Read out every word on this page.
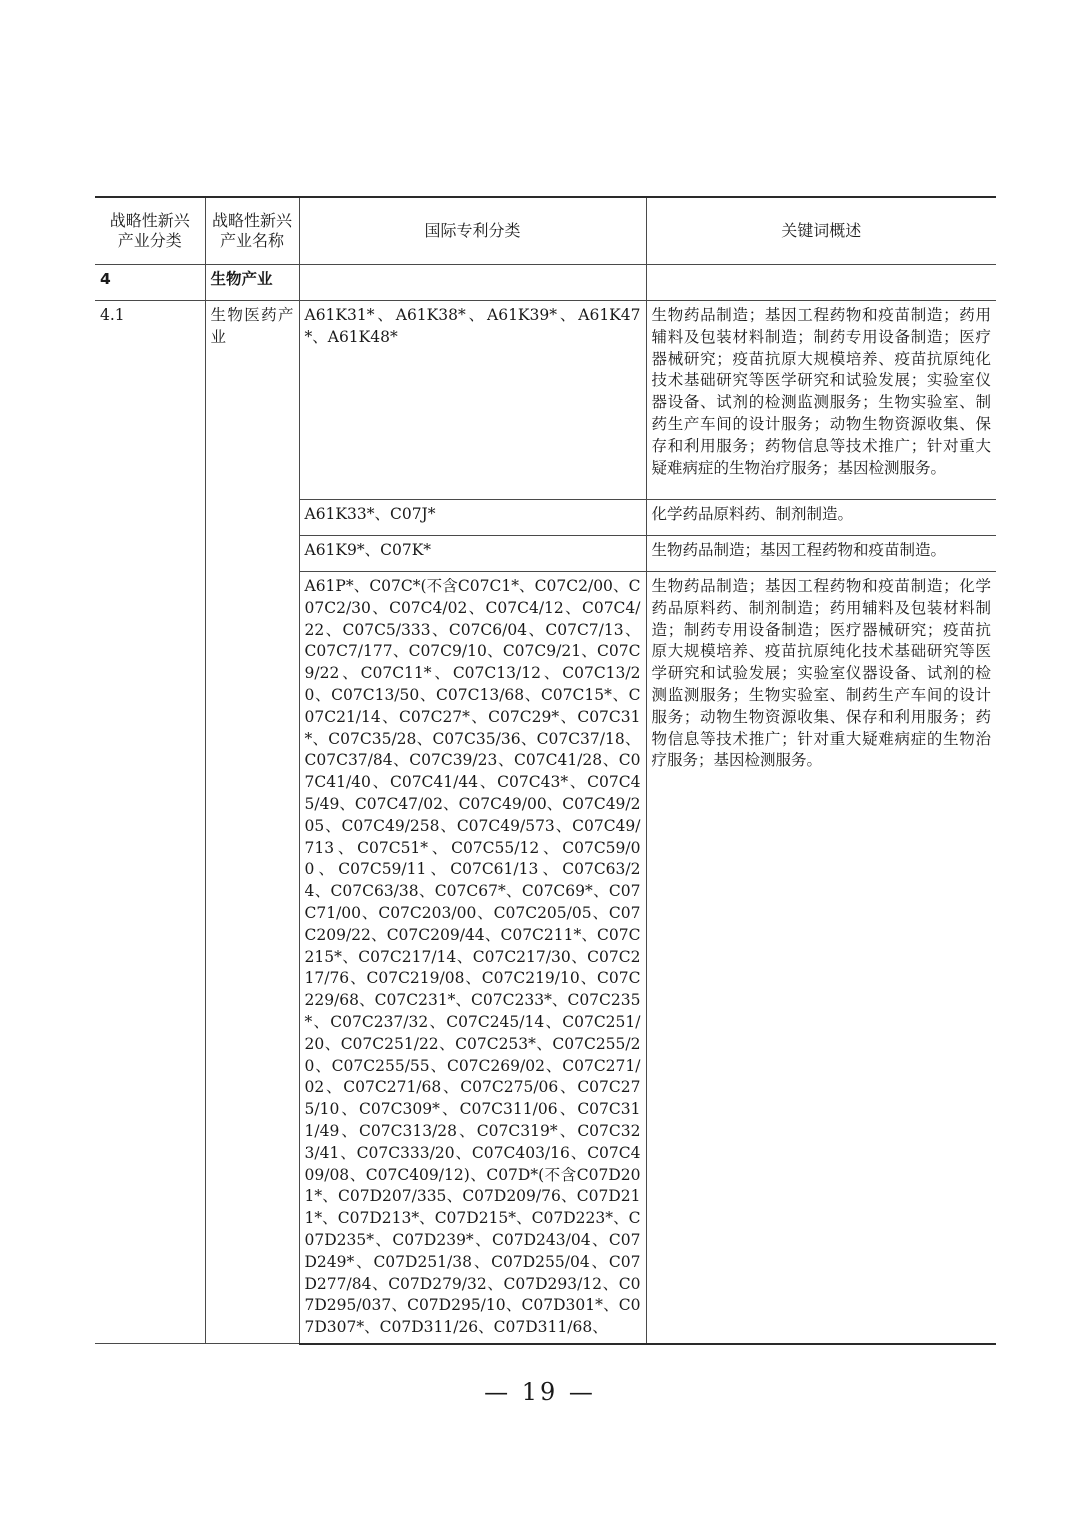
战略性新兴产业分类	战略性新兴产业名称	国际专利分类	关键词概述
4	生物产业		
4.1	生物医药产业	A61K31*、A61K38*、A61K39*、A61K47*、A61K48*	生物药品制造；基因工程药物和疫苗制造；药用辅料及包装材料制造；制药专用设备制造；医疗器械研究；疫苗抗原大规模培养、疫苗抗原纯化技术基础研究等医学研究和试验发展；实验室仪器设备、试剂的检测监测服务；生物实验室、制药生产车间的设计服务；动物生物资源收集、保存和利用服务；药物信息等技术推广；针对重大疑难病症的生物治疗服务；基因检测服务。
		A61K33*、C07J*	化学药品原料药、制剂制造。
		A61K9*、C07K*	生物药品制造；基因工程药物和疫苗制造。
		A61P*、C07C*(不含C07C1*、C07C2/00、C07C2/30、C07C4/02、C07C4/12、C07C4/22、C07C5/333、C07C6/04、C07C7/13、C07C7/177、C07C9/10、C07C9/21、C07C9/22、C07C11*、C07C13/12、C07C13/20、C07C13/50、C07C13/68、C07C15*、C07C21/14、C07C27*、C07C29*、C07C31*、C07C35/28、C07C35/36、C07C37/18、C07C37/84、C07C39/23、C07C41/28、C07C41/40、C07C41/44、C07C43*、C07C45/49、C07C47/02、C07C49/00、C07C49/205、C07C49/258、C07C49/573、C07C49/713、C07C51*、C07C55/12、C07C59/00、C07C59/11、C07C61/13、C07C63/24、C07C63/38、C07C67*、C07C69*、C07C71/00、C07C203/00、C07C205/05、C07C209/22、C07C209/44、C07C211*、C07C215*、C07C217/14、C07C217/30、C07C217/76、C07C219/08、C07C219/10、C07C229/68、C07C231*、C07C233*、C07C235*、C07C237/32、C07C245/14、C07C251/20、C07C251/22、C07C253*、C07C255/20、C07C255/55、C07C269/02、C07C271/02、C07C271/68、C07C275/06、C07C275/10、C07C309*、C07C311/06、C07C311/49、C07C313/28、C07C319*、C07C323/41、C07C333/20、C07C403/16、C07C409/08、C07C409/12)、C07D*(不含C07D201*、C07D207/335、C07D209/76、C07D211*、C07D213*、C07D215*、C07D223*、C07D235*、C07D239*、C07D243/04、C07D249*、C07D251/38、C07D255/04、C07D277/84、C07D279/32、C07D293/12、C07D295/037、C07D295/10、C07D301*、C07D307*、C07D311/26、C07D311/68、	生物药品制造；基因工程药物和疫苗制造；化学药品原料药、制剂制造；药用辅料及包装材料制造；制药专用设备制造；医疗器械研究；疫苗抗原大规模培养、疫苗抗原纯化技术基础研究等医学研究和试验发展；实验室仪器设备、试剂的检测监测服务；生物实验室、制药生产车间的设计服务；动物生物资源收集、保存和利用服务；药物信息等技术推广；针对重大疑难病症的生物治疗服务；基因检测服务。
— 19 —
